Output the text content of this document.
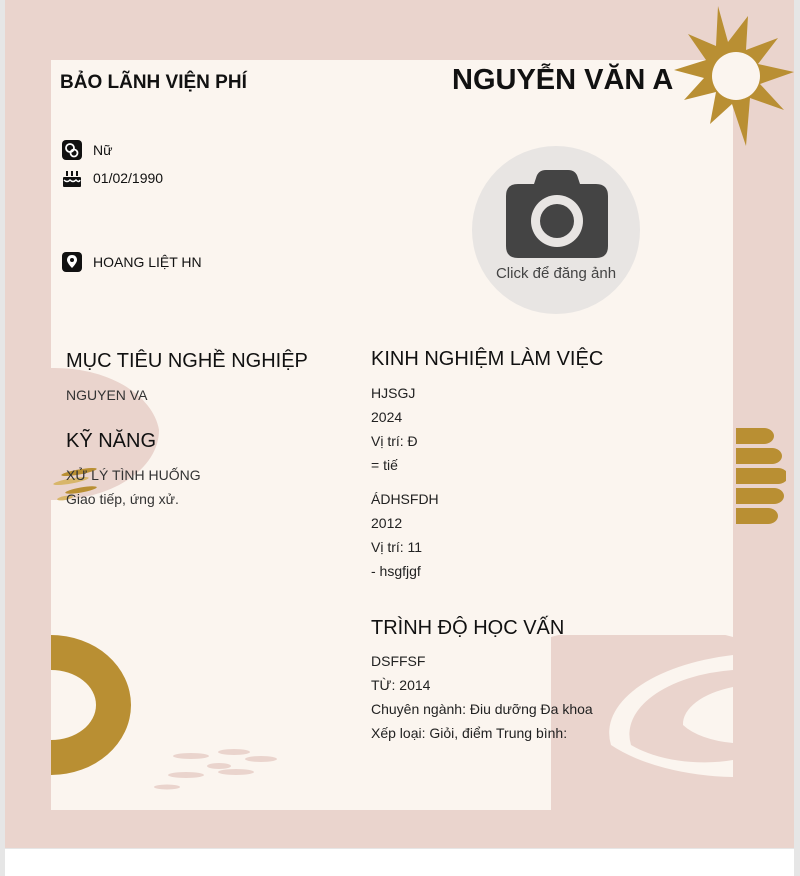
BẢO LÃNH VIỆN PHÍ	NGUYỄN VĂN A
Nữ
01/02/1990
HOANG LIỆT HN
Click để đăng ảnh
MỤC TIÊU NGHỀ NGHIỆP
NGUYEN VA
KỸ NĂNG
XỬ LÝ TÌNH HUỐNG
Giao tiếp, ứng xử.
KINH NGHIỆM LÀM VIỆC
HJSGJ
2024
Vị trí: Đ
= tiế
ÁDHSFDH
2012
Vị trí: 11
- hsgfjgf
TRÌNH ĐỘ HỌC VẤN
DSFFSF
TỪ: 2014
Chuyên ngành: Điu dưỡng Đa khoa
Xếp loại: Giỏi, điểm Trung bình:
